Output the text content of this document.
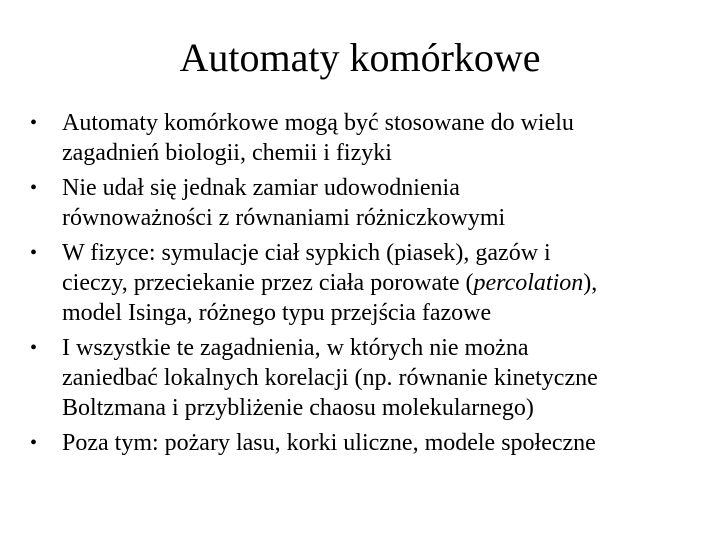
Automaty komórkowe
• Automaty komórkowe mogą być stosowane do wielu
zagadnień biologii, chemii i fizyki
• Nie udał się jednak zamiar udowodnienia
równoważności z równaniami różniczkowymi
• W fizyce: symulacje ciał sypkich (piasek), gazów i
cieczy, przeciekanie przez ciała porowate (percolation),
model Isinga, różnego typu przejścia fazowe
• I wszystkie te zagadnienia, w których nie można
zaniedbać lokalnych korelacji (np. równanie kinetyczne
Boltzmana i przybliżenie chaosu molekularnego)
• Poza tym: pożary lasu, korki uliczne, modele społeczne
